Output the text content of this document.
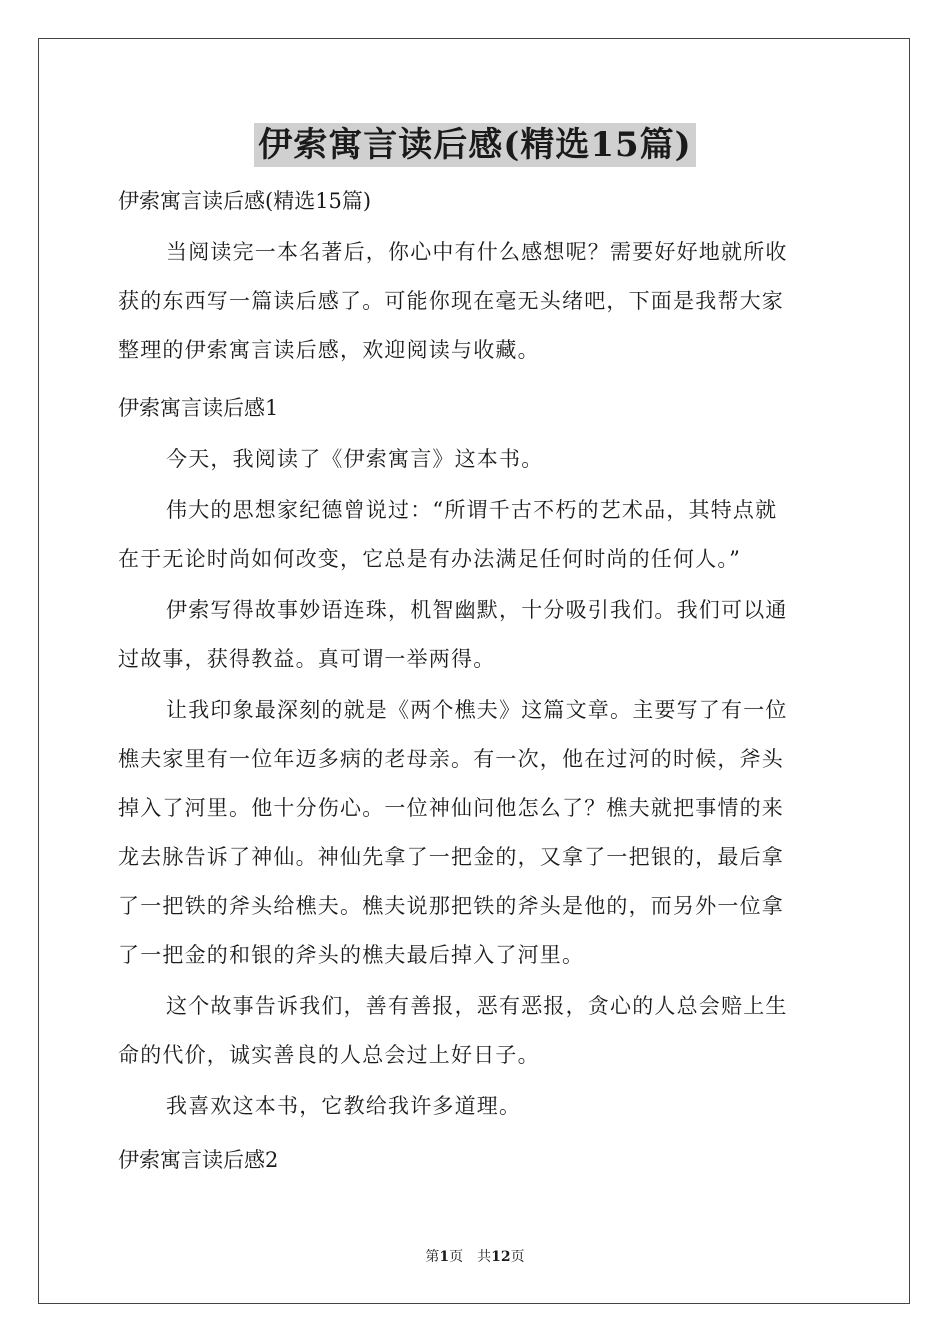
伊索寓言读后感(精选15篇)
伊索寓言读后感(精选15篇)
当阅读完一本名著后，你心中有什么感想呢？需要好好地就所收
获的东西写一篇读后感了。可能你现在毫无头绪吧，下面是我帮大家
整理的伊索寓言读后感，欢迎阅读与收藏。
伊索寓言读后感1
今天，我阅读了《伊索寓言》这本书。
伟大的思想家纪德曾说过：“所谓千古不朽的艺术品，其特点就
在于无论时尚如何改变，它总是有办法满足任何时尚的任何人。”
伊索写得故事妙语连珠，机智幽默，十分吸引我们。我们可以通
过故事，获得教益。真可谓一举两得。
让我印象最深刻的就是《两个樵夫》这篇文章。主要写了有一位
樵夫家里有一位年迈多病的老母亲。有一次，他在过河的时候，斧头
掉入了河里。他十分伤心。一位神仙问他怎么了？樵夫就把事情的来
龙去脉告诉了神仙。神仙先拿了一把金的，又拿了一把银的，最后拿
了一把铁的斧头给樵夫。樵夫说那把铁的斧头是他的，而另外一位拿
了一把金的和银的斧头的樵夫最后掉入了河里。
这个故事告诉我们，善有善报，恶有恶报，贪心的人总会赔上生
命的代价，诚实善良的人总会过上好日子。
我喜欢这本书，它教给我许多道理。
伊索寓言读后感2
第1页　共12页
